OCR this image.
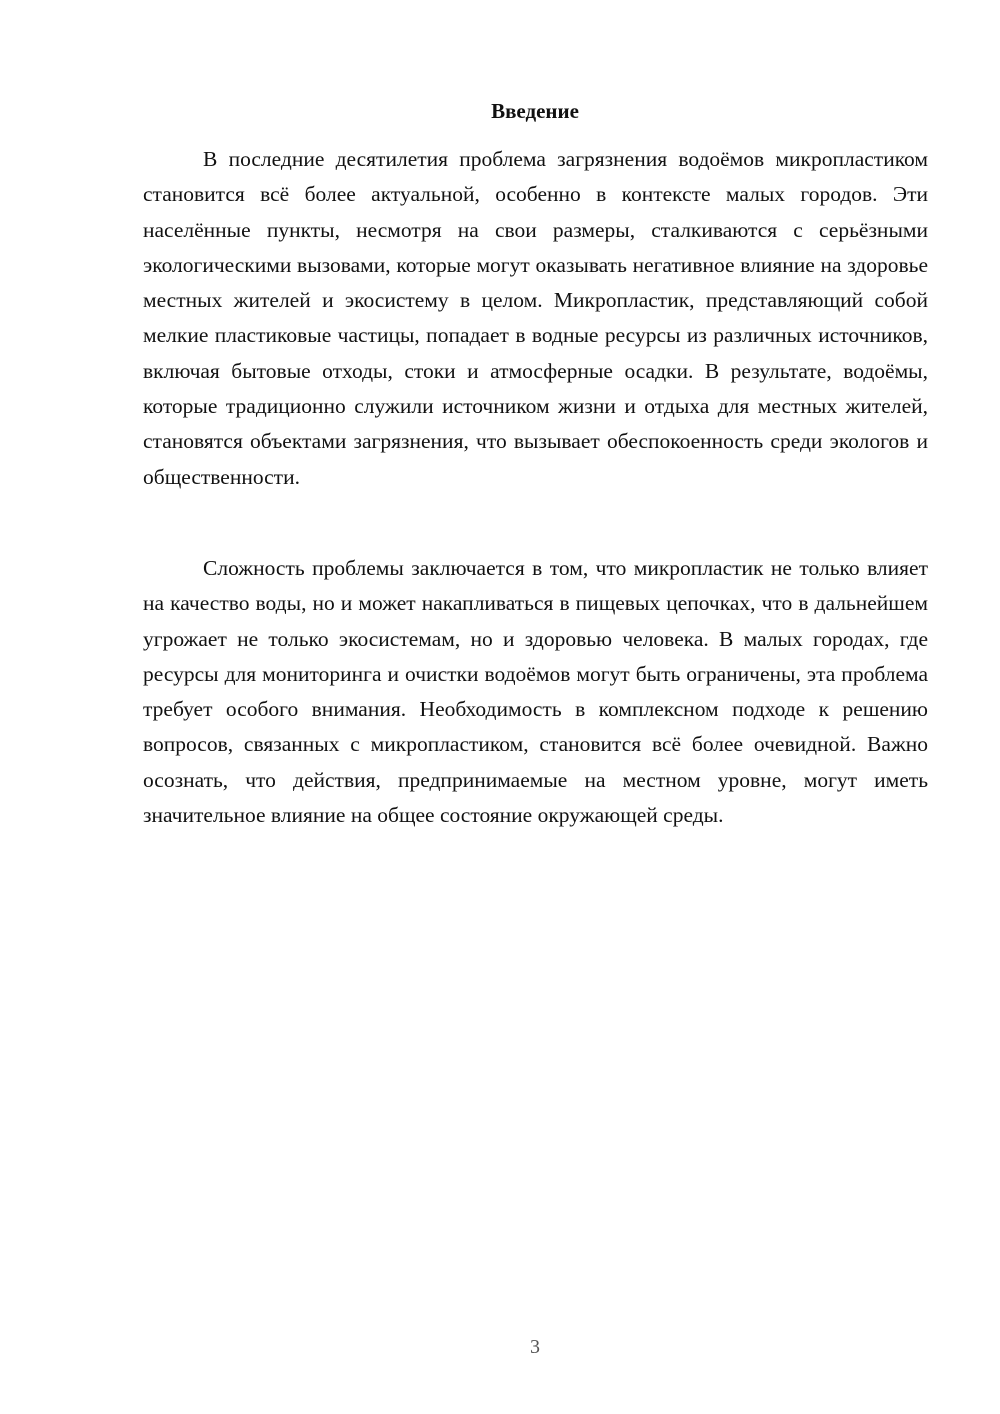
Введение

В последние десятилетия проблема загрязнения водоёмов микропластиком становится всё более актуальной, особенно в контексте малых городов. Эти населённые пункты, несмотря на свои размеры, сталкиваются с серьёзными экологическими вызовами, которые могут оказывать негативное влияние на здоровье местных жителей и экосистему в целом. Микропластик, представляющий собой мелкие пластиковые частицы, попадает в водные ресурсы из различных источников, включая бытовые отходы, стоки и атмосферные осадки. В результате, водоёмы, которые традиционно служили источником жизни и отдыха для местных жителей, становятся объектами загрязнения, что вызывает обеспокоенность среди экологов и общественности.

Сложность проблемы заключается в том, что микропластик не только влияет на качество воды, но и может накапливаться в пищевых цепочках, что в дальнейшем угрожает не только экосистемам, но и здоровью человека. В малых городах, где ресурсы для мониторинга и очистки водоёмов могут быть ограничены, эта проблема требует особого внимания. Необходимость в комплексном подходе к решению вопросов, связанных с микропластиком, становится всё более очевидной. Важно осознать, что действия, предпринимаемые на местном уровне, могут иметь значительное влияние на общее состояние окружающей среды.

3
